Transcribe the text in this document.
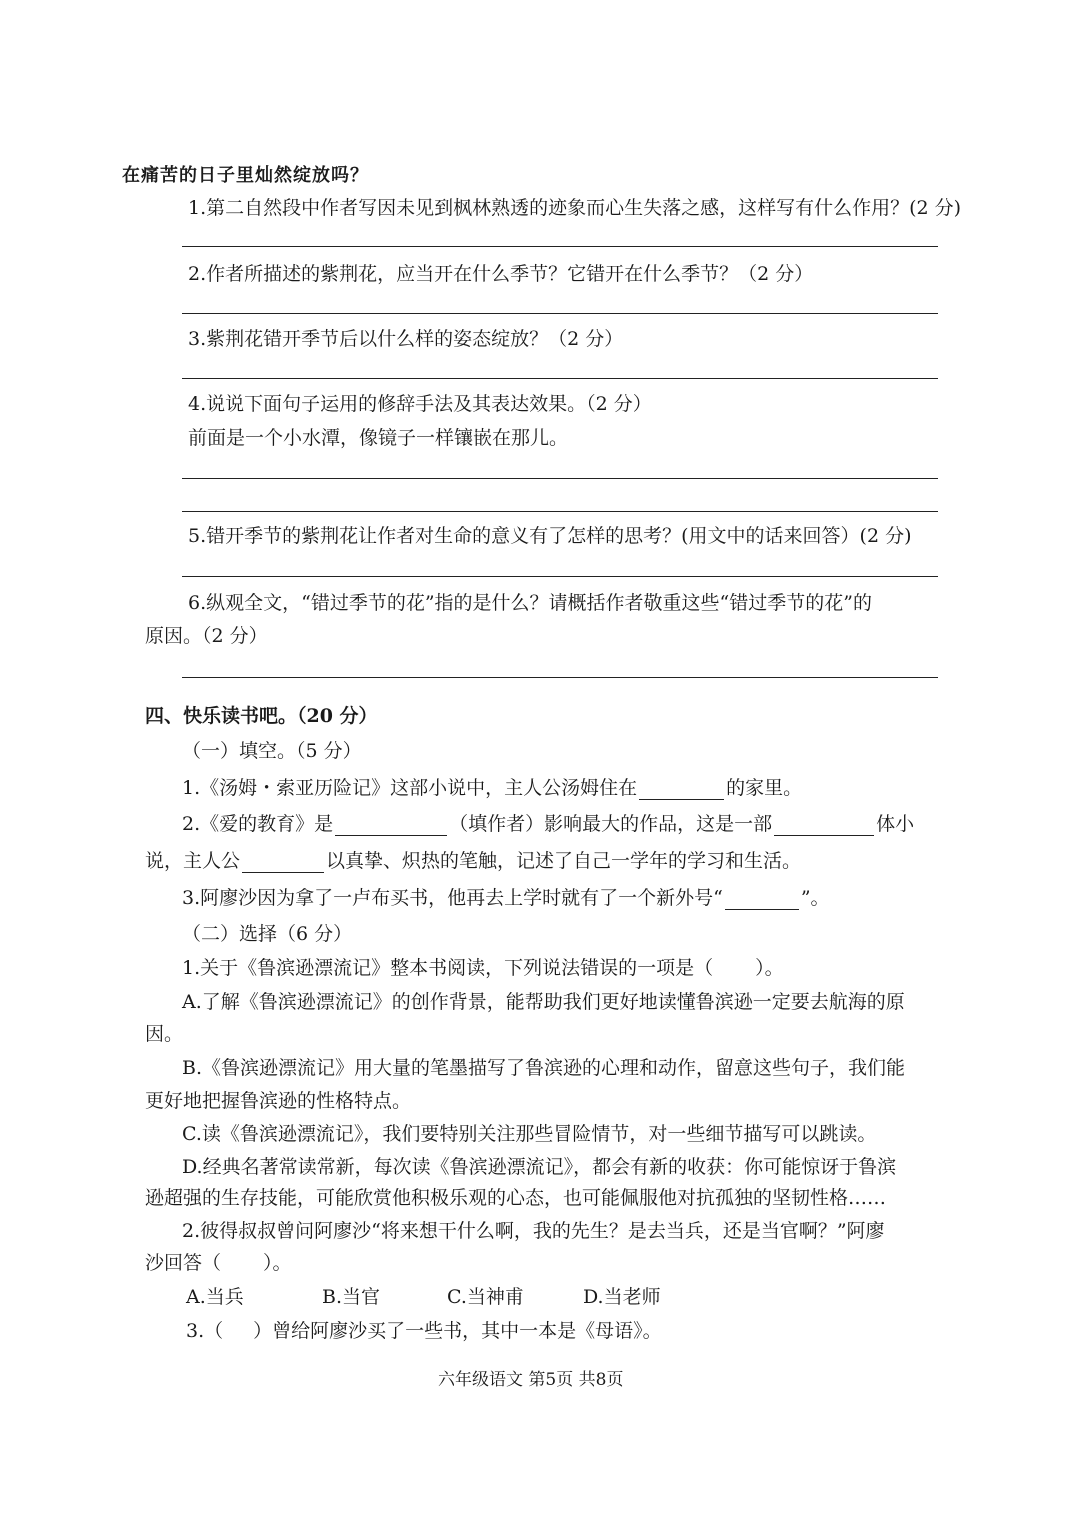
在痛苦的日子里灿然绽放吗？
1.第二自然段中作者写因未见到枫林熟透的迹象而心生失落之感，这样写有什么作用？(2 分)
2.作者所描述的紫荆花，应当开在什么季节？它错开在什么季节？（2 分）
3.紫荆花错开季节后以什么样的姿态绽放？（2 分）
4.说说下面句子运用的修辞手法及其表达效果。（2 分）
前面是一个小水潭，像镜子一样镶嵌在那儿。
5.错开季节的紫荆花让作者对生命的意义有了怎样的思考？(用文中的话来回答）(2 分)
6.纵观全文，“错过季节的花”指的是什么？请概括作者敬重这些“错过季节的花”的
原因。（2 分）
四、快乐读书吧。（20 分）
（一）填空。（5 分）
1.《汤姆・索亚历险记》这部小说中，主人公汤姆住在	的家里。
2.《爱的教育》是	（填作者）影响最大的作品，这是一部	体小
说，主人公	以真挚、炽热的笔触，记述了自己一学年的学习和生活。
3.阿廖沙因为拿了一卢布买书，他再去上学时就有了一个新外号“	”。
（二）选择（6 分）
1.关于《鲁滨逊漂流记》整本书阅读，下列说法错误的一项是（ ）。
A.了解《鲁滨逊漂流记》的创作背景，能帮助我们更好地读懂鲁滨逊一定要去航海的原
因。
B.《鲁滨逊漂流记》用大量的笔墨描写了鲁滨逊的心理和动作，留意这些句子，我们能
更好地把握鲁滨逊的性格特点。
C.读《鲁滨逊漂流记》，我们要特别关注那些冒险情节，对一些细节描写可以跳读。
D.经典名著常读常新，每次读《鲁滨逊漂流记》，都会有新的收获：你可能惊讶于鲁滨
逊超强的生存技能，可能欣赏他积极乐观的心态，也可能佩服他对抗孤独的坚韧性格……
2.彼得叔叔曾问阿廖沙“将来想干什么啊，我的先生？是去当兵，还是当官啊？”阿廖
沙回答（ ）。
A.当兵	B.当官	C.当神甫	D.当老师
3.（ ）曾给阿廖沙买了一些书，其中一本是《母语》。
六年级语文 第5页 共8页
